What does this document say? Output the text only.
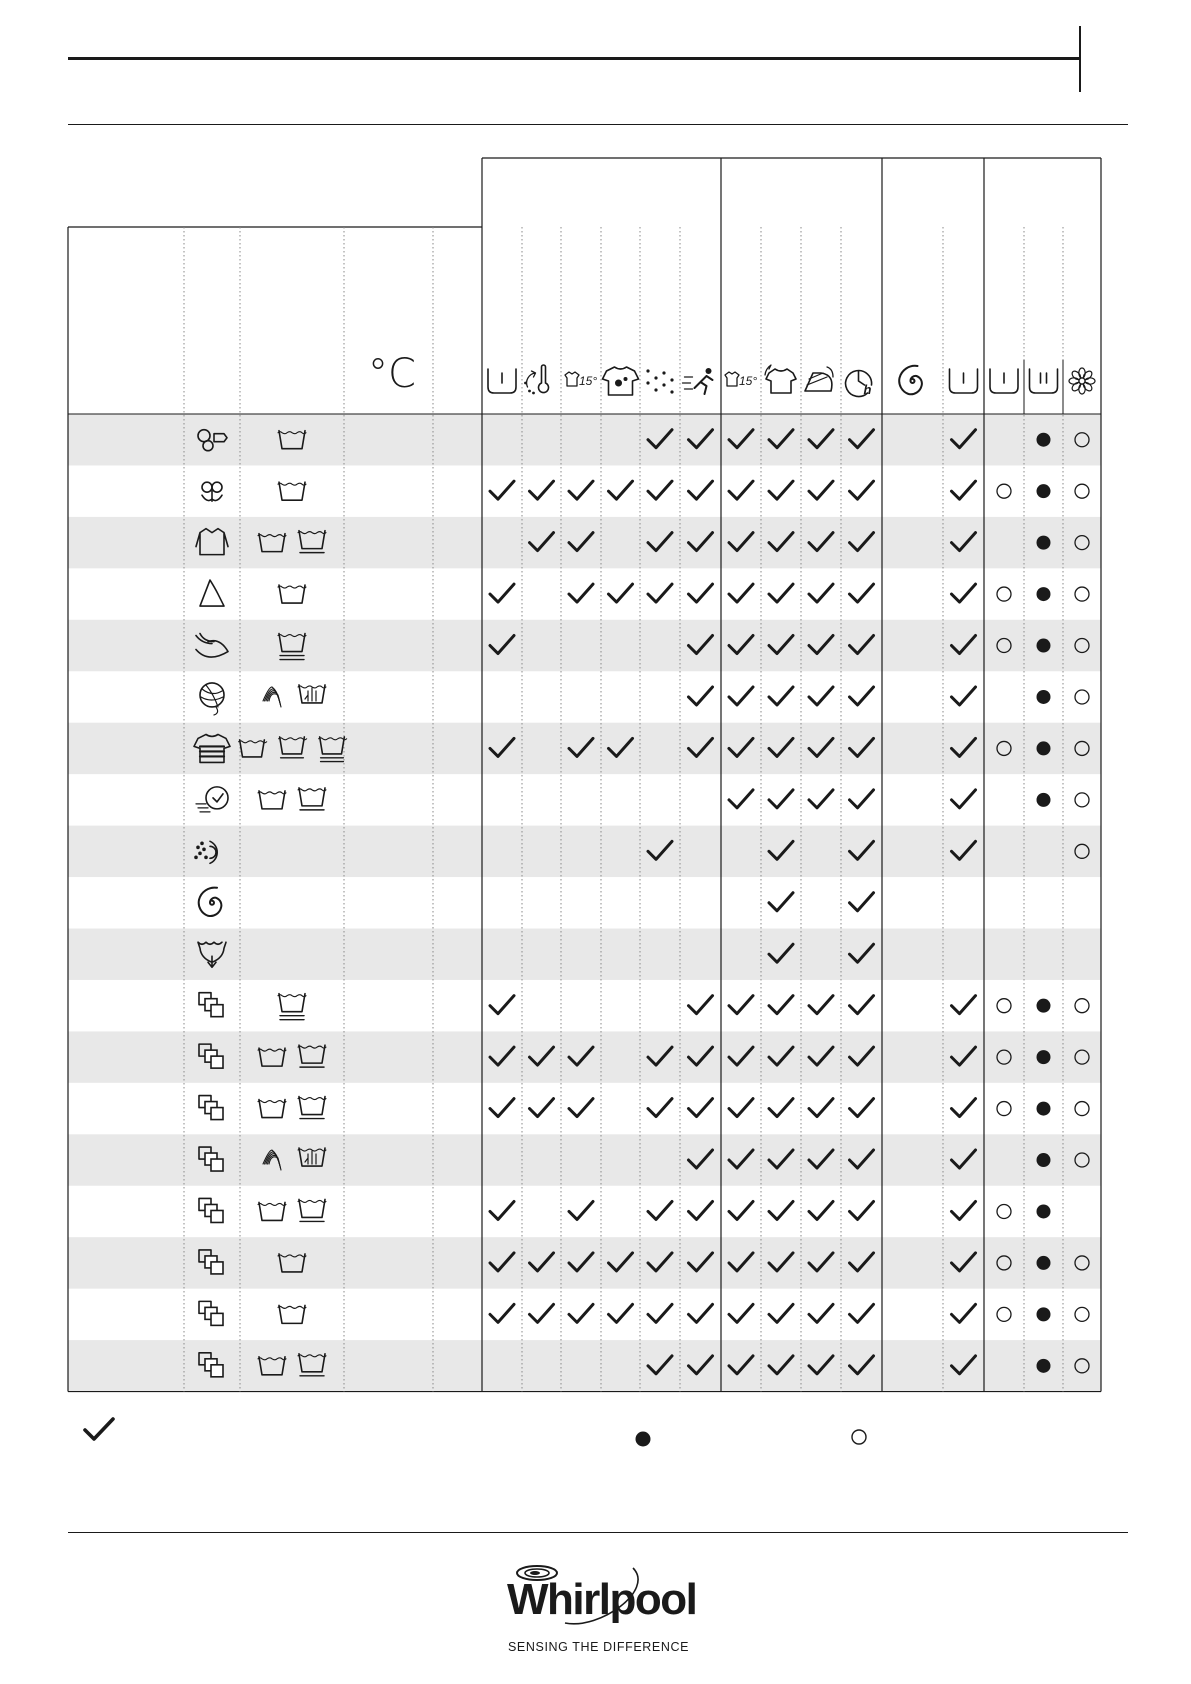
15°	15°
h
°C
Whirlpool
SENSING THE DIFFERENCE
